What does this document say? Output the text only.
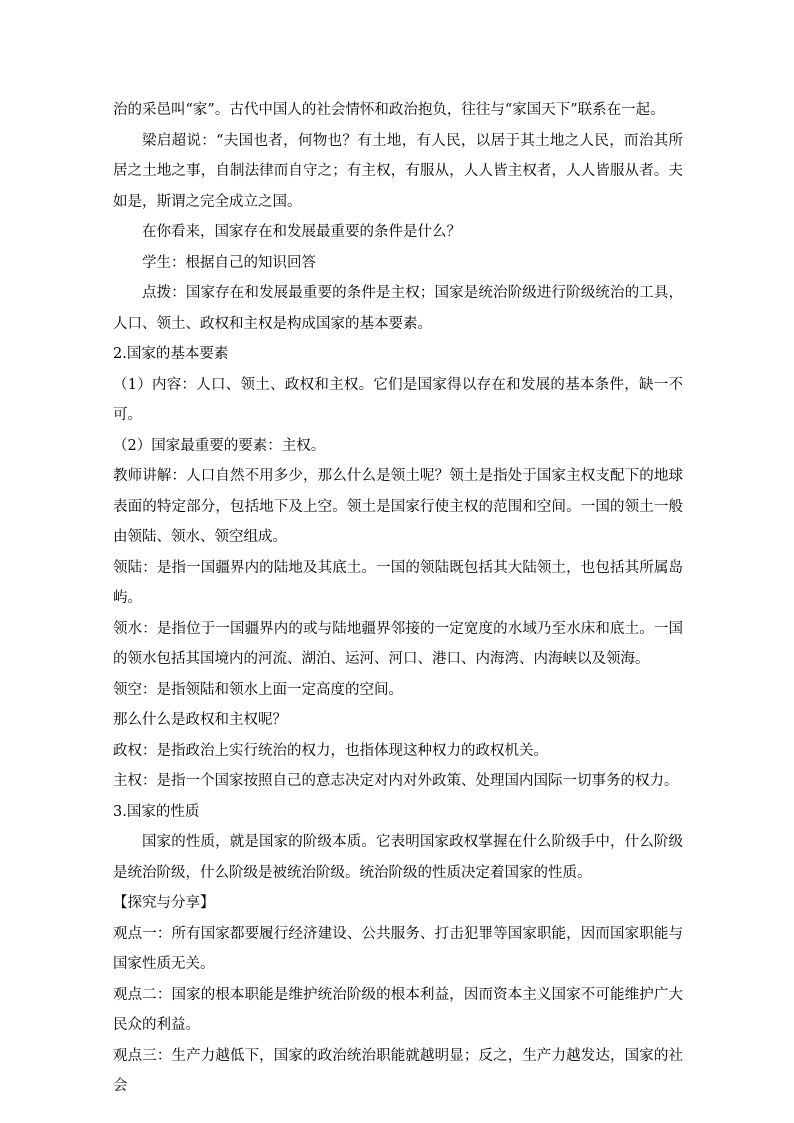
治的采邑叫“家”。古代中国人的社会情怀和政治抱负，往往与“家国天下”联系在一起。

梁启超说：“夫国也者，何物也？有土地，有人民，以居于其土地之人民，而治其所居之土地之事，自制法律而自守之；有主权，有服从，人人皆主权者，人人皆服从者。夫如是，斯谓之完全成立之国。

在你看来，国家存在和发展最重要的条件是什么？

学生：根据自己的知识回答

点拨：国家存在和发展最重要的条件是主权；国家是统治阶级进行阶级统治的工具，人口、领土、政权和主权是构成国家的基本要素。

2.国家的基本要素

（1）内容：人口、领土、政权和主权。它们是国家得以存在和发展的基本条件，缺一不可。

（2）国家最重要的要素：主权。

教师讲解：人口自然不用多少，那么什么是领土呢？领土是指处于国家主权支配下的地球表面的特定部分，包括地下及上空。领土是国家行使主权的范围和空间。一国的领土一般由领陆、领水、领空组成。

领陆：是指一国疆界内的陆地及其底土。一国的领陆既包括其大陆领土，也包括其所属岛屿。

领水：是指位于一国疆界内的或与陆地疆界邻接的一定宽度的水域乃至水床和底土。一国的领水包括其国境内的河流、湖泊、运河、河口、港口、内海湾、内海峡以及领海。

领空：是指领陆和领水上面一定高度的空间。

那么什么是政权和主权呢？

政权：是指政治上实行统治的权力，也指体现这种权力的政权机关。

主权：是指一个国家按照自己的意志决定对内对外政策、处理国内国际一切事务的权力。

3.国家的性质

国家的性质，就是国家的阶级本质。它表明国家政权掌握在什么阶级手中，什么阶级是统治阶级，什么阶级是被统治阶级。统治阶级的性质决定着国家的性质。

【探究与分享】

观点一：所有国家都要履行经济建设、公共服务、打击犯罪等国家职能，因而国家职能与国家性质无关。

观点二：国家的根本职能是维护统治阶级的根本利益，因而资本主义国家不可能维护广大民众的利益。

观点三：生产力越低下，国家的政治统治职能就越明显；反之，生产力越发达，国家的社会
